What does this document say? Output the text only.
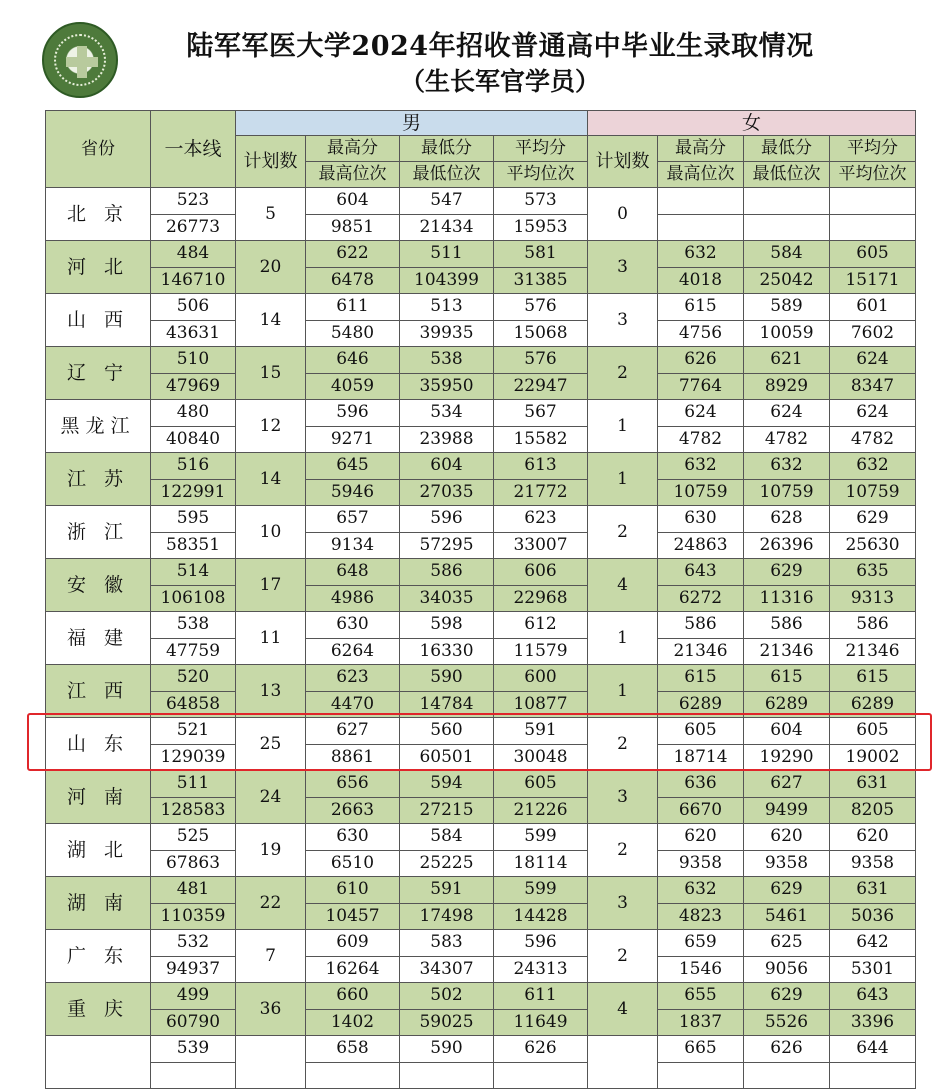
陆军军医大学2024年招收普通高中毕业生录取情况
（生长军官学员）
省份	一本线	男				女			
		计划数	最高分	最低分	平均分	计划数	最高分	最低分	平均分
			最高位次	最低位次	平均位次		最高位次	最低位次	平均位次
北 京	523	5	604	547	573	0			
	26773		9851	21434	15953				
河 北	484	20	622	511	581	3	632	584	605
	146710		6478	104399	31385		4018	25042	15171
山 西	506	14	611	513	576	3	615	589	601
	43631		5480	39935	15068		4756	10059	7602
辽 宁	510	15	646	538	576	2	626	621	624
	47969		4059	35950	22947		7764	8929	8347
黑龙江	480	12	596	534	567	1	624	624	624
	40840		9271	23988	15582		4782	4782	4782
江 苏	516	14	645	604	613	1	632	632	632
	122991		5946	27035	21772		10759	10759	10759
浙 江	595	10	657	596	623	2	630	628	629
	58351		9134	57295	33007		24863	26396	25630
安 徽	514	17	648	586	606	4	643	629	635
	106108		4986	34035	22968		6272	11316	9313
福 建	538	11	630	598	612	1	586	586	586
	47759		6264	16330	11579		21346	21346	21346
江 西	520	13	623	590	600	1	615	615	615
	64858		4470	14784	10877		6289	6289	6289
山 东	521	25	627	560	591	2	605	604	605
	129039		8861	60501	30048		18714	19290	19002
河 南	511	24	656	594	605	3	636	627	631
	128583		2663	27215	21226		6670	9499	8205
湖 北	525	19	630	584	599	2	620	620	620
	67863		6510	25225	18114		9358	9358	9358
湖 南	481	22	610	591	599	3	632	629	631
	110359		10457	17498	14428		4823	5461	5036
广 东	532	7	609	583	596	2	659	625	642
	94937		16264	34307	24313		1546	9056	5301
重 庆	499	36	660	502	611	4	655	629	643
	60790		1402	59025	11649		1837	5526	3396
	539		658	590	626		665	626	644
